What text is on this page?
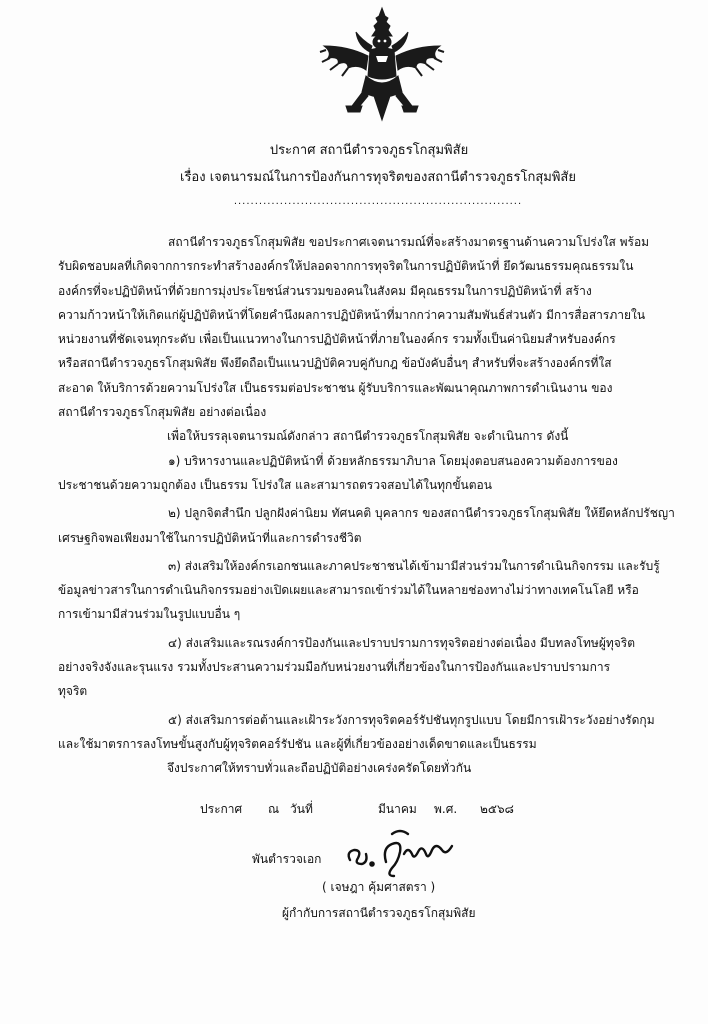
ประกาศ สถานีตำรวจภูธรโกสุมพิสัย
เรื่อง เจตนารมณ์ในการป้องกันการทุจริตของสถานีตำรวจภูธรโกสุมพิสัย
.....................................................................
สถานีตำรวจภูธรโกสุมพิสัย ขอประกาศเจตนารมณ์ที่จะสร้างมาตรฐานด้านความโปร่งใส พร้อม
รับผิดชอบผลที่เกิดจากการกระทำสร้างองค์กรให้ปลอดจากการทุจริตในการปฏิบัติหน้าที่ ยึดวัฒนธรรมคุณธรรมใน
องค์กรที่จะปฏิบัติหน้าที่ด้วยการมุ่งประโยชน์ส่วนรวมของคนในสังคม มีคุณธรรมในการปฏิบัติหน้าที่ สร้าง
ความก้าวหน้าให้เกิดแก่ผู้ปฏิบัติหน้าที่โดยคำนึงผลการปฏิบัติหน้าที่มากกว่าความสัมพันธ์ส่วนตัว มีการสื่อสารภายใน
หน่วยงานที่ชัดเจนทุกระดับ เพื่อเป็นแนวทางในการปฏิบัติหน้าที่ภายในองค์กร รวมทั้งเป็นค่านิยมสำหรับองค์กร
หรือสถานีตำรวจภูธรโกสุมพิสัย พึงยึดถือเป็นแนวปฏิบัติควบคู่กับกฎ ข้อบังคับอื่นๆ สำหรับที่จะสร้างองค์กรที่ใส
สะอาด ให้บริการด้วยความโปร่งใส เป็นธรรมต่อประชาชน ผู้รับบริการและพัฒนาคุณภาพการดำเนินงาน ของ
สถานีตำรวจภูธรโกสุมพิสัย อย่างต่อเนื่อง
เพื่อให้บรรลุเจตนารมณ์ดังกล่าว สถานีตำรวจภูธรโกสุมพิสัย จะดำเนินการ ดังนี้
๑) บริหารงานและปฏิบัติหน้าที่ ด้วยหลักธรรมาภิบาล โดยมุ่งตอบสนองความต้องการของ
ประชาชนด้วยความถูกต้อง เป็นธรรม โปร่งใส และสามารถตรวจสอบได้ในทุกขั้นตอน
๒) ปลูกจิตสำนึก ปลูกฝังค่านิยม ทัศนคติ บุคลากร ของสถานีตำรวจภูธรโกสุมพิสัย ให้ยึดหลักปรัชญา
เศรษฐกิจพอเพียงมาใช้ในการปฏิบัติหน้าที่และการดำรงชีวิต
๓) ส่งเสริมให้องค์กรเอกชนและภาคประชาชนได้เข้ามามีส่วนร่วมในการดำเนินกิจกรรม และรับรู้
ข้อมูลข่าวสารในการดำเนินกิจกรรมอย่างเปิดเผยและสามารถเข้าร่วมได้ในหลายช่องทางไม่ว่าทางเทคโนโลยี หรือ
การเข้ามามีส่วนร่วมในรูปแบบอื่น ๆ
๔) ส่งเสริมและรณรงค์การป้องกันและปราบปรามการทุจริตอย่างต่อเนื่อง มีบทลงโทษผู้ทุจริต
อย่างจริงจังและรุนแรง รวมทั้งประสานความร่วมมือกับหน่วยงานที่เกี่ยวข้องในการป้องกันและปราบปรามการ
ทุจริต
๕) ส่งเสริมการต่อต้านและเฝ้าระวังการทุจริตคอร์รัปชันทุกรูปแบบ โดยมีการเฝ้าระวังอย่างรัดกุม
และใช้มาตรการลงโทษขั้นสูงกับผู้ทุจริตคอร์รัปชัน และผู้ที่เกี่ยวข้องอย่างเด็ดขาดและเป็นธรรม
จึงประกาศให้ทราบทั่วและถือปฏิบัติอย่างเคร่งครัดโดยทั่วกัน
ประกาศ ณ วันที่	มีนาคม พ.ศ. ๒๕๖๘
พันตำรวจเอก
( เจษฎา คุ้มศาสตรา )
ผู้กำกับการสถานีตำรวจภูธรโกสุมพิสัย
